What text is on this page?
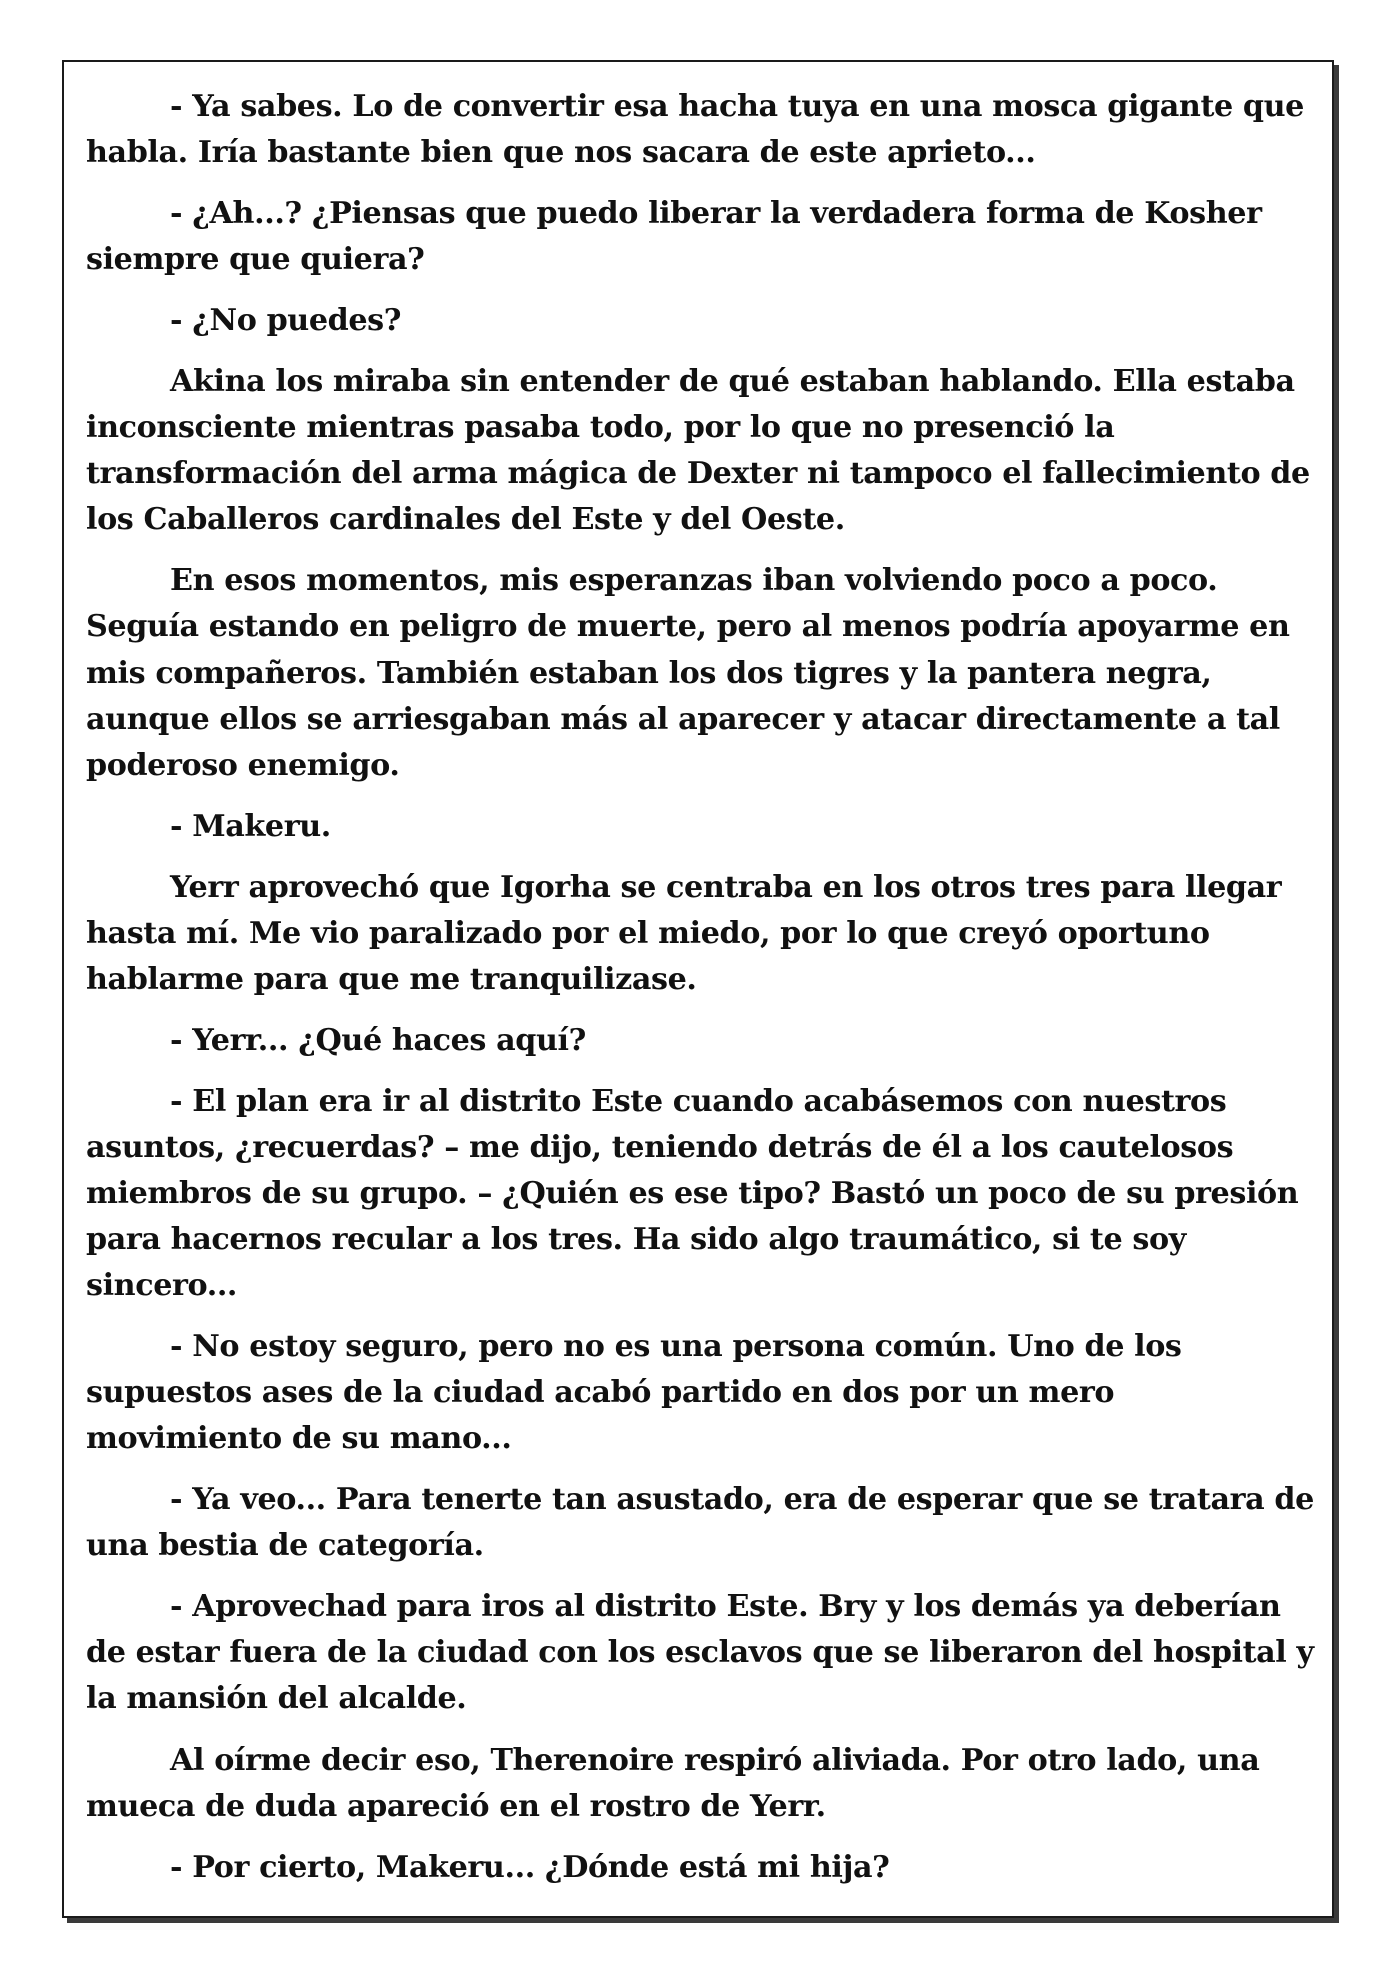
- Ya sabes. Lo de convertir esa hacha tuya en una mosca gigante que habla. Iría bastante bien que nos sacara de este aprieto...

- ¿Ah...? ¿Piensas que puedo liberar la verdadera forma de Kosher siempre que quiera?

- ¿No puedes?

Akina los miraba sin entender de qué estaban hablando. Ella estaba inconsciente mientras pasaba todo, por lo que no presenció la transformación del arma mágica de Dexter ni tampoco el fallecimiento de los Caballeros cardinales del Este y del Oeste.

En esos momentos, mis esperanzas iban volviendo poco a poco. Seguía estando en peligro de muerte, pero al menos podría apoyarme en mis compañeros. También estaban los dos tigres y la pantera negra, aunque ellos se arriesgaban más al aparecer y atacar directamente a tal poderoso enemigo.

- Makeru.

Yerr aprovechó que Igorha se centraba en los otros tres para llegar hasta mí. Me vio paralizado por el miedo, por lo que creyó oportuno hablarme para que me tranquilizase.

- Yerr... ¿Qué haces aquí?

- El plan era ir al distrito Este cuando acabásemos con nuestros asuntos, ¿recuerdas? – me dijo, teniendo detrás de él a los cautelosos miembros de su grupo. – ¿Quién es ese tipo? Bastó un poco de su presión para hacernos recular a los tres. Ha sido algo traumático, si te soy sincero...

- No estoy seguro, pero no es una persona común. Uno de los supuestos ases de la ciudad acabó partido en dos por un mero movimiento de su mano...

- Ya veo... Para tenerte tan asustado, era de esperar que se tratara de una bestia de categoría.

- Aprovechad para iros al distrito Este. Bry y los demás ya deberían de estar fuera de la ciudad con los esclavos que se liberaron del hospital y la mansión del alcalde.

Al oírme decir eso, Therenoire respiró aliviada. Por otro lado, una mueca de duda apareció en el rostro de Yerr.

- Por cierto, Makeru... ¿Dónde está mi hija?
